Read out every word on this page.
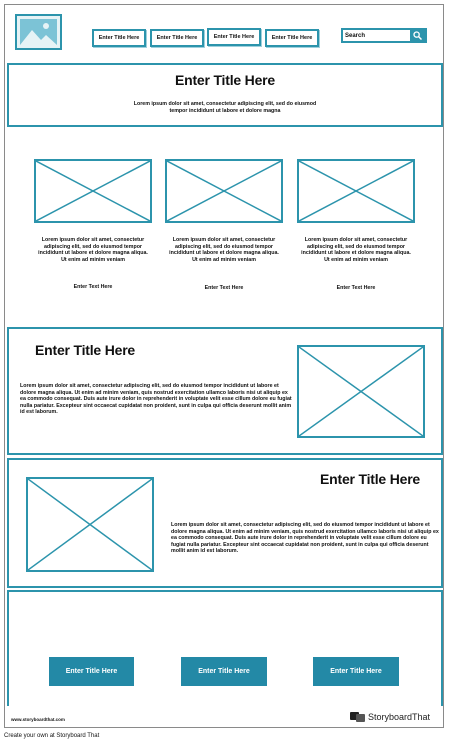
Enter Title Here	Enter Title Here	Enter Title Here	Enter Title Here	Search
Enter Title Here
Lorem ipsum dolor sit amet, consectetur adipiscing elit, sed do eiusmod tempor incididunt ut labore et dolore magna
Lorem ipsum dolor sit amet, consectetur adipiscing elit, sed do eiusmod tempor incididunt ut labore et dolore magna aliqua. Ut enim ad minim veniam
Lorem ipsum dolor sit amet, consectetur adipiscing elit, sed do eiusmod tempor incididunt ut labore et dolore magna aliqua. Ut enim ad minim veniam
Lorem ipsum dolor sit amet, consectetur adipiscing elit, sed do eiusmod tempor incididunt ut labore et dolore magna aliqua. Ut enim ad minim veniam
Enter Text Here	Enter Text Here	Enter Text Here
Enter Title Here
Lorem ipsum dolor sit amet, consectetur adipiscing elit, sed do eiusmod tempor incididunt ut labore et dolore magna aliqua. Ut enim ad minim veniam, quis nostrud exercitation ullamco laboris nisi ut aliquip ex ea commodo consequat. Duis aute irure dolor in reprehenderit in voluptate velit esse cillum dolore eu fugiat nulla pariatur. Excepteur sint occaecat cupidatat non proident, sunt in culpa qui officia deserunt mollit anim id est laborum.
Enter Title Here
Lorem ipsum dolor sit amet, consectetur adipiscing elit, sed do eiusmod tempor incididunt ut labore et dolore magna aliqua. Ut enim ad minim veniam, quis nostrud exercitation ullamco laboris nisi ut aliquip ex ea commodo consequat. Duis aute irure dolor in reprehenderit in voluptate velit esse cillum dolore eu fugiat nulla pariatur. Excepteur sint occaecat cupidatat non proident, sunt in culpa qui officia deserunt mollit anim id est laborum.
Enter Title Here	Enter Title Here	Enter Title Here
www.storyboardthat.com	StoryboardThat
Create your own at Storyboard That
